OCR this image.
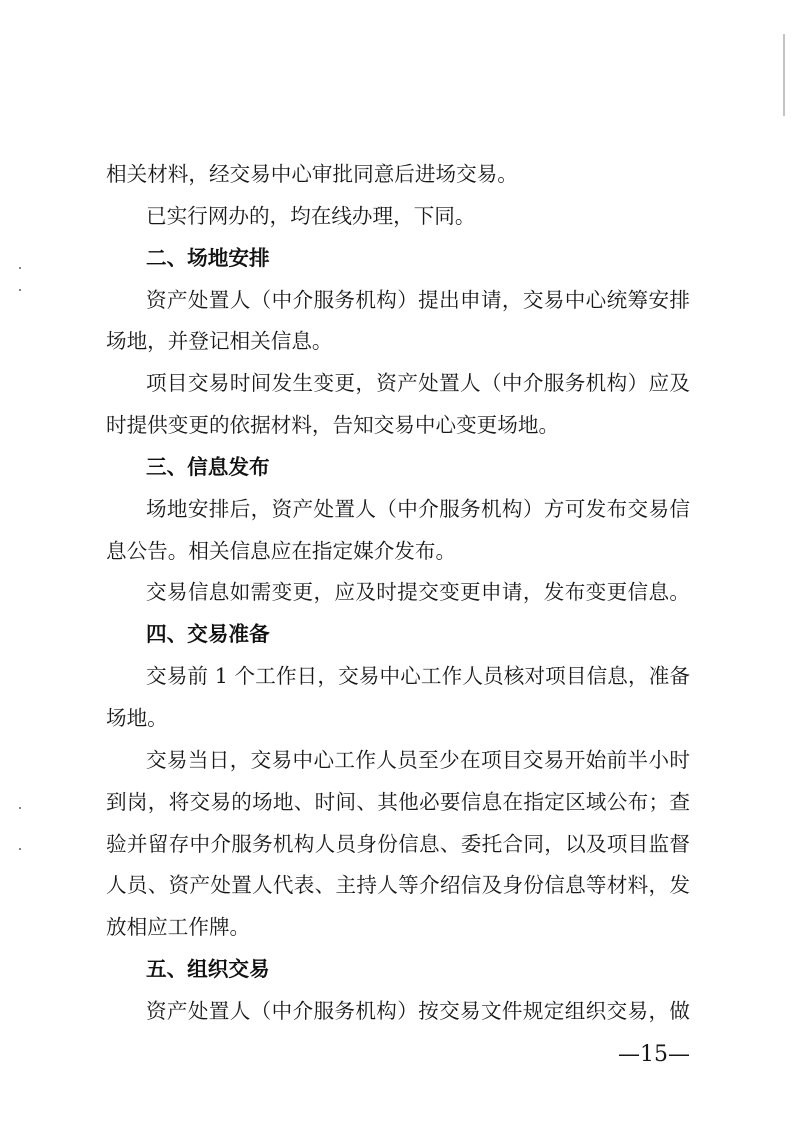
相关材料，经交易中心审批同意后进场交易。
已实行网办的，均在线办理，下同。
二、场地安排
资产处置人（中介服务机构）提出申请，交易中心统筹安排
场地，并登记相关信息。
项目交易时间发生变更，资产处置人（中介服务机构）应及
时提供变更的依据材料，告知交易中心变更场地。
三、信息发布
场地安排后，资产处置人（中介服务机构）方可发布交易信
息公告。相关信息应在指定媒介发布。
交易信息如需变更，应及时提交变更申请，发布变更信息。
四、交易准备
交易前 1 个工作日，交易中心工作人员核对项目信息，准备
场地。
交易当日，交易中心工作人员至少在项目交易开始前半小时
到岗，将交易的场地、时间、其他必要信息在指定区域公布；查
验并留存中介服务机构人员身份信息、委托合同，以及项目监督
人员、资产处置人代表、主持人等介绍信及身份信息等材料，发
放相应工作牌。
五、组织交易
资产处置人（中介服务机构）按交易文件规定组织交易，做
—15—
